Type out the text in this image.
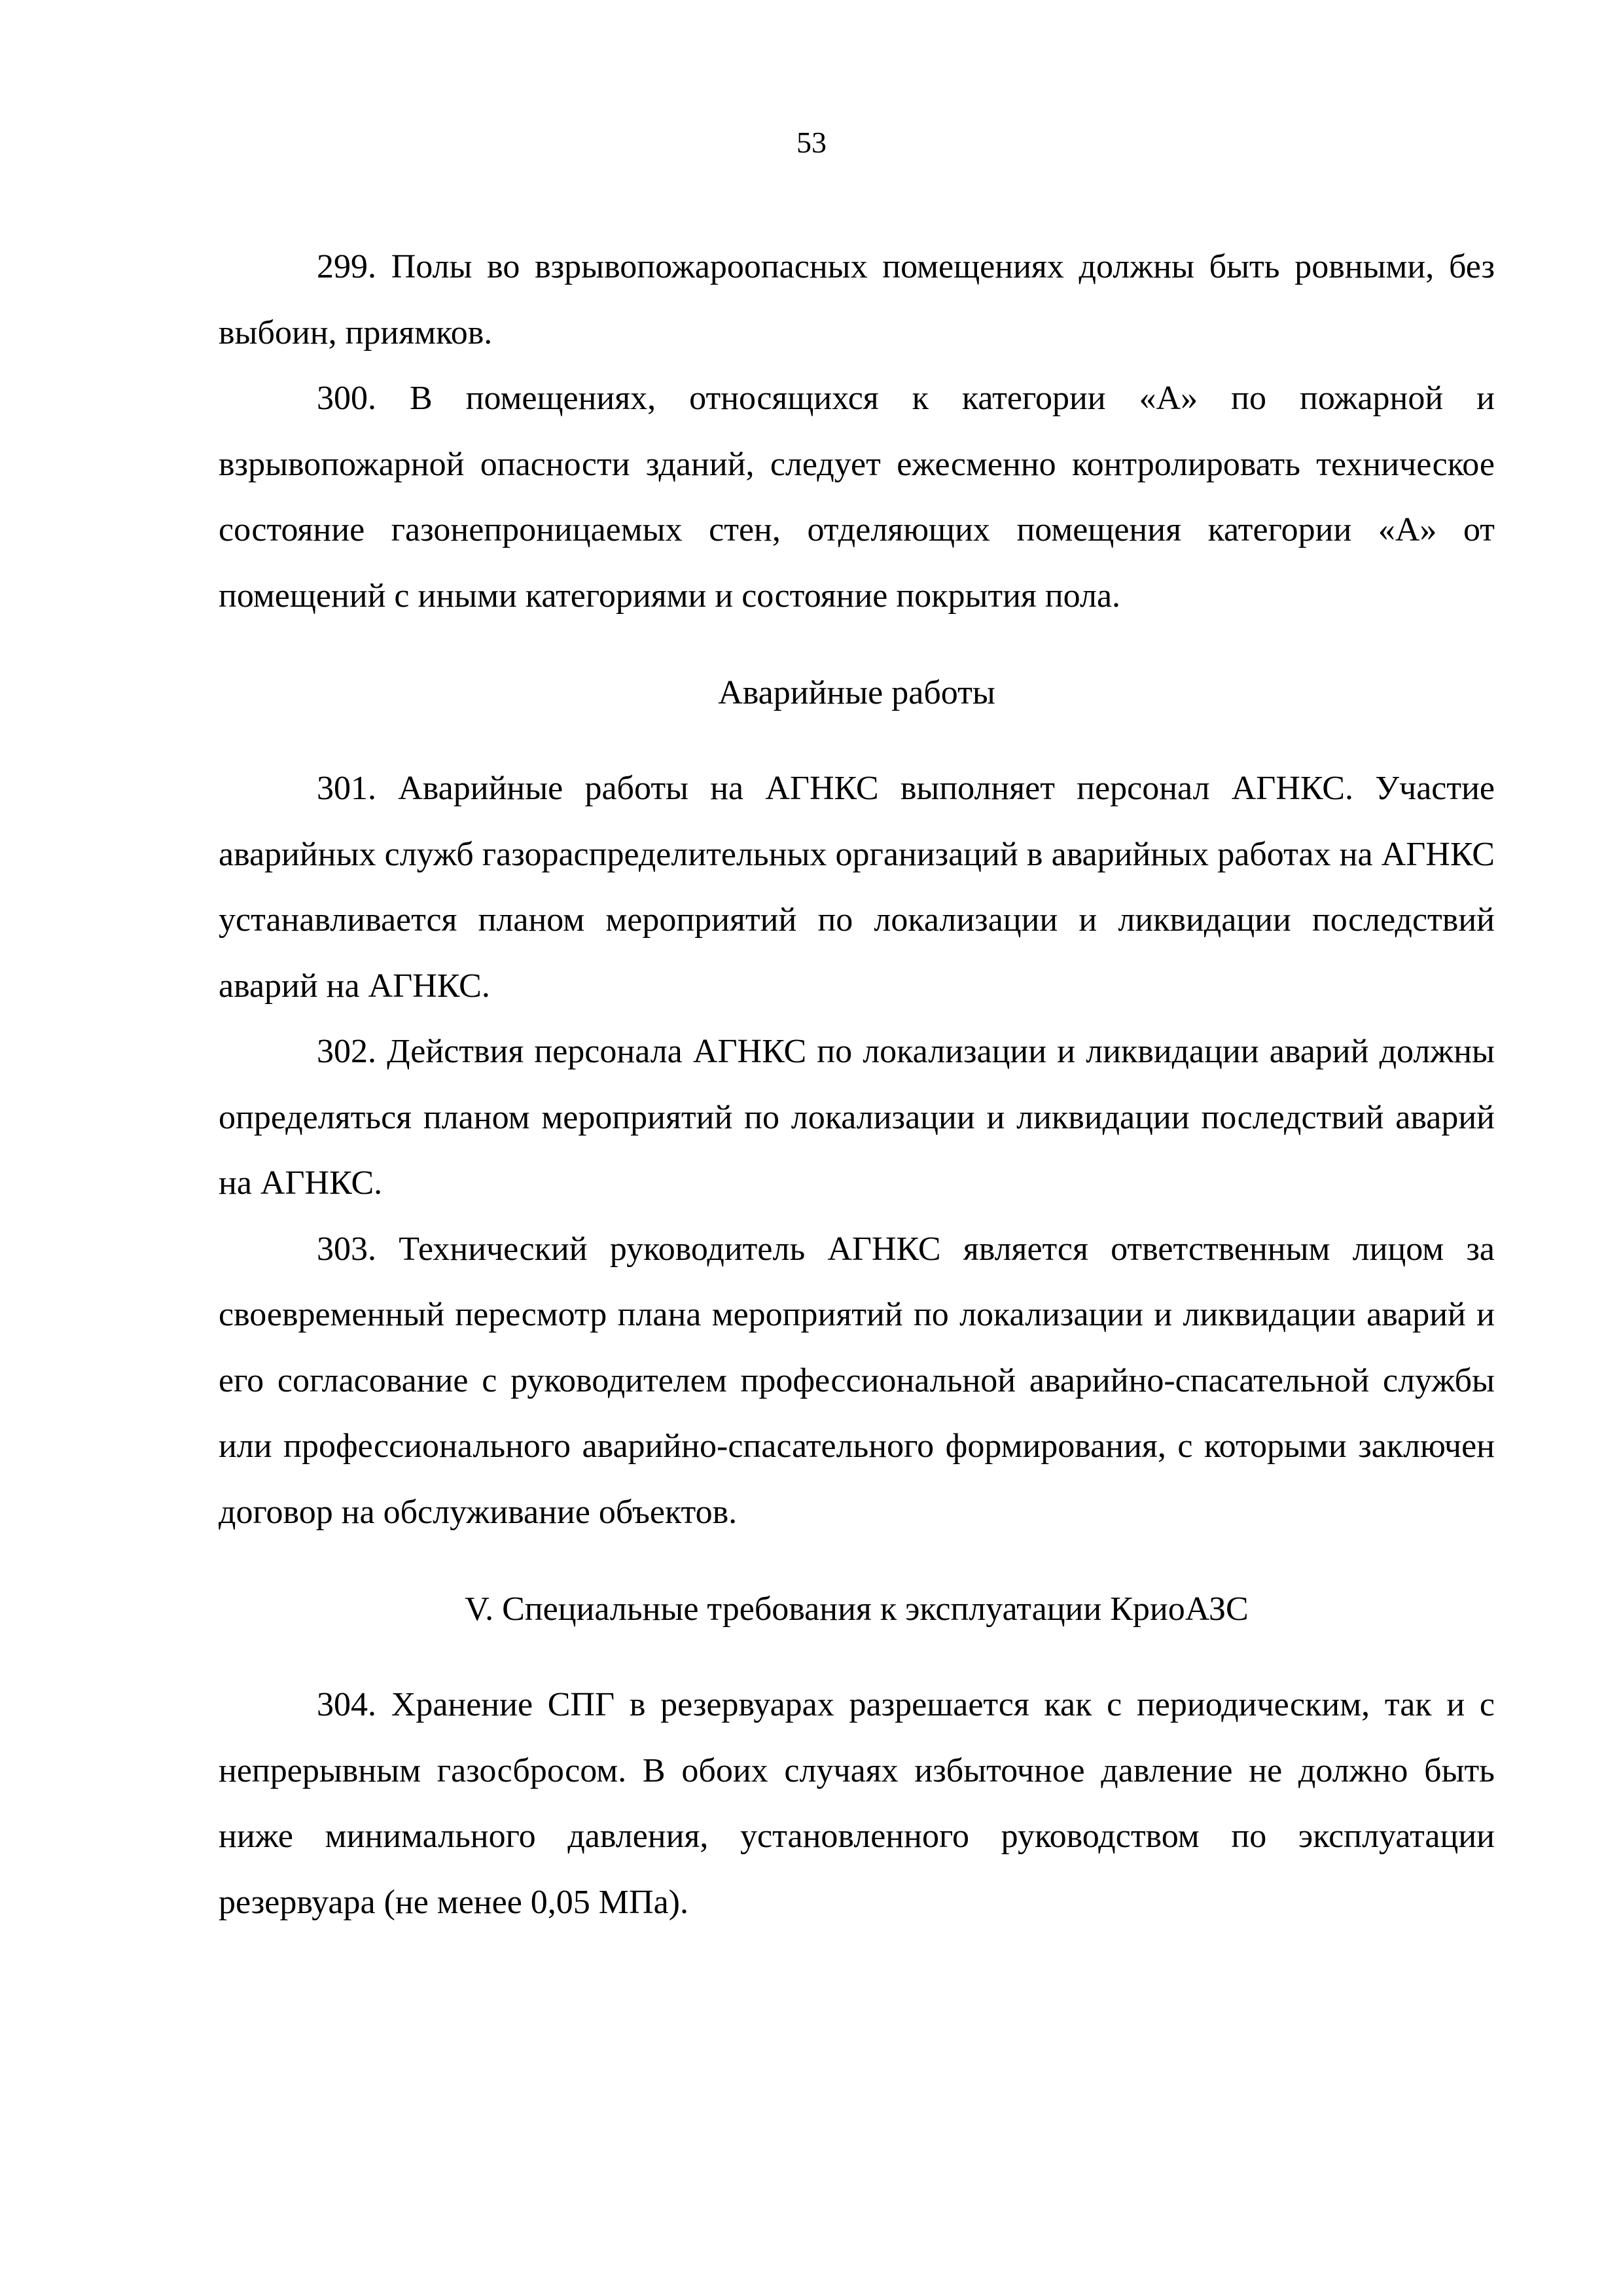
53

299. Полы во взрывопожароопасных помещениях должны быть ровными, без выбоин, приямков.

300. В помещениях, относящихся к категории «А» по пожарной и взрывопожарной опасности зданий, следует ежесменно контролировать техническое состояние газонепроницаемых стен, отделяющих помещения категории «А» от помещений с иными категориями и состояние покрытия пола.

Аварийные работы

301. Аварийные работы на АГНКС выполняет персонал АГНКС. Участие аварийных служб газораспределительных организаций в аварийных работах на АГНКС устанавливается планом мероприятий по локализации и ликвидации последствий аварий на АГНКС.

302. Действия персонала АГНКС по локализации и ликвидации аварий должны определяться планом мероприятий по локализации и ликвидации последствий аварий на АГНКС.

303. Технический руководитель АГНКС является ответственным лицом за своевременный пересмотр плана мероприятий по локализации и ликвидации аварий и его согласование с руководителем профессиональной аварийно-спасательной службы или профессионального аварийно-спасательного формирования, с которыми заключен договор на обслуживание объектов.

V. Специальные требования к эксплуатации КриоАЗС

304. Хранение СПГ в резервуарах разрешается как с периодическим, так и с непрерывным газосбросом. В обоих случаях избыточное давление не должно быть ниже минимального давления, установленного руководством по эксплуатации резервуара (не менее 0,05 МПа).
